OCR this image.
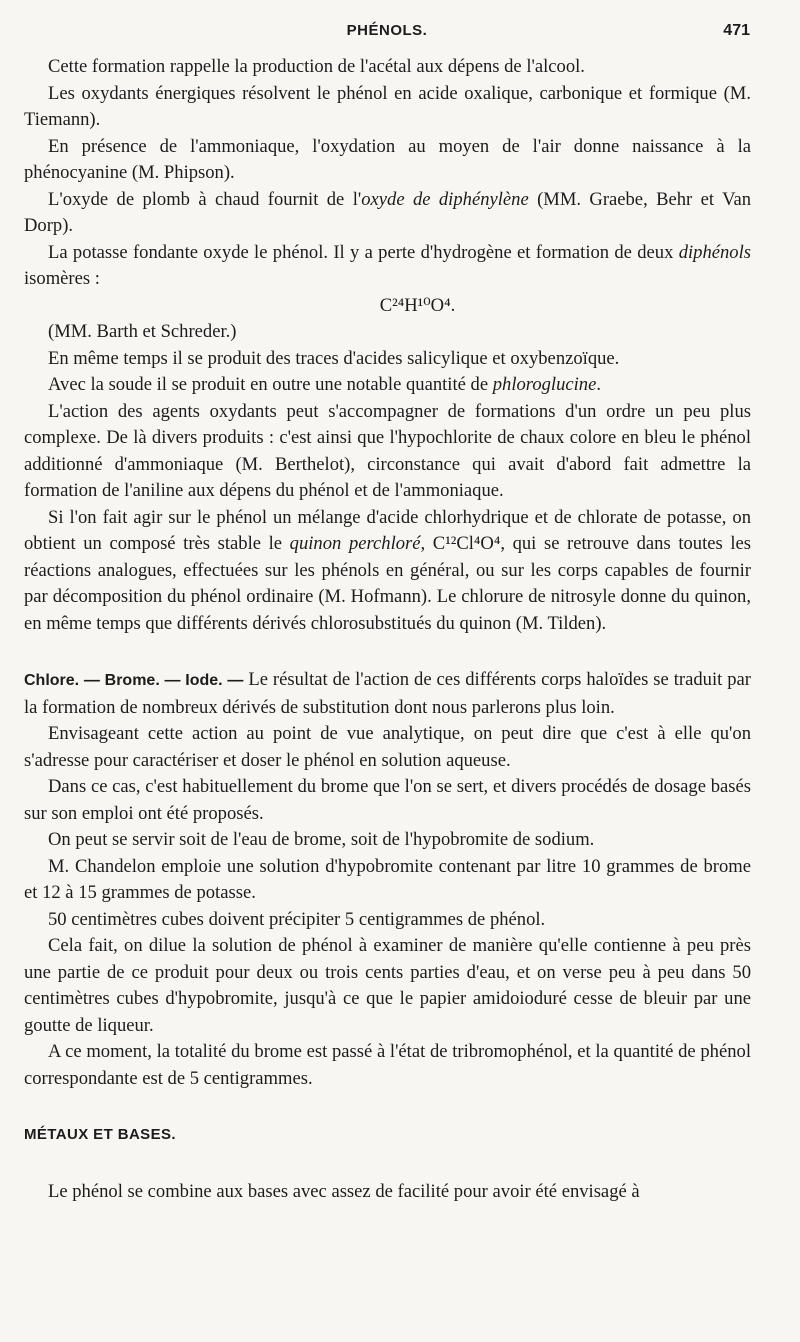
PHÉNOLS.	471

Cette formation rappelle la production de l'acétal aux dépens de l'alcool.

Les oxydants énergiques résolvent le phénol en acide oxalique, carbonique et formique (M. Tiemann).

En présence de l'ammoniaque, l'oxydation au moyen de l'air donne naissance à la phénocyanine (M. Phipson).

L'oxyde de plomb à chaud fournit de l'oxyde de diphénylène (MM. Graebe, Behr et Van Dorp).

La potasse fondante oxyde le phénol. Il y a perte d'hydrogène et formation de deux diphénols isomères :

C²⁴H¹⁰O⁴.

(MM. Barth et Schreder.)

En même temps il se produit des traces d'acides salicylique et oxybenzoïque.

Avec la soude il se produit en outre une notable quantité de phloroglucine.

L'action des agents oxydants peut s'accompagner de formations d'un ordre un peu plus complexe. De là divers produits : c'est ainsi que l'hypochlorite de chaux colore en bleu le phénol additionné d'ammoniaque (M. Berthelot), circonstance qui avait d'abord fait admettre la formation de l'aniline aux dépens du phénol et de l'ammoniaque.

Si l'on fait agir sur le phénol un mélange d'acide chlorhydrique et de chlorate de potasse, on obtient un composé très stable le quinon perchloré, C¹²Cl⁴O⁴, qui se retrouve dans toutes les réactions analogues, effectuées sur les phénols en général, ou sur les corps capables de fournir par décomposition du phénol ordinaire (M. Hofmann). Le chlorure de nitrosyle donne du quinon, en même temps que différents dérivés chlorosubstitués du quinon (M. Tilden).

Chlore. — Brome. — Iode. — Le résultat de l'action de ces différents corps haloïdes se traduit par la formation de nombreux dérivés de substitution dont nous parlerons plus loin.

Envisageant cette action au point de vue analytique, on peut dire que c'est à elle qu'on s'adresse pour caractériser et doser le phénol en solution aqueuse.

Dans ce cas, c'est habituellement du brome que l'on se sert, et divers procédés de dosage basés sur son emploi ont été proposés.

On peut se servir soit de l'eau de brome, soit de l'hypobromite de sodium.

M. Chandelon emploie une solution d'hypobromite contenant par litre 10 grammes de brome et 12 à 15 grammes de potasse.

50 centimètres cubes doivent précipiter 5 centigrammes de phénol.

Cela fait, on dilue la solution de phénol à examiner de manière qu'elle contienne à peu près une partie de ce produit pour deux ou trois cents parties d'eau, et on verse peu à peu dans 50 centimètres cubes d'hypobromite, jusqu'à ce que le papier amidoioduré cesse de bleuir par une goutte de liqueur.

A ce moment, la totalité du brome est passé à l'état de tribromophénol, et la quantité de phénol correspondante est de 5 centigrammes.

MÉTAUX ET BASES.

Le phénol se combine aux bases avec assez de facilité pour avoir été envisagé à
